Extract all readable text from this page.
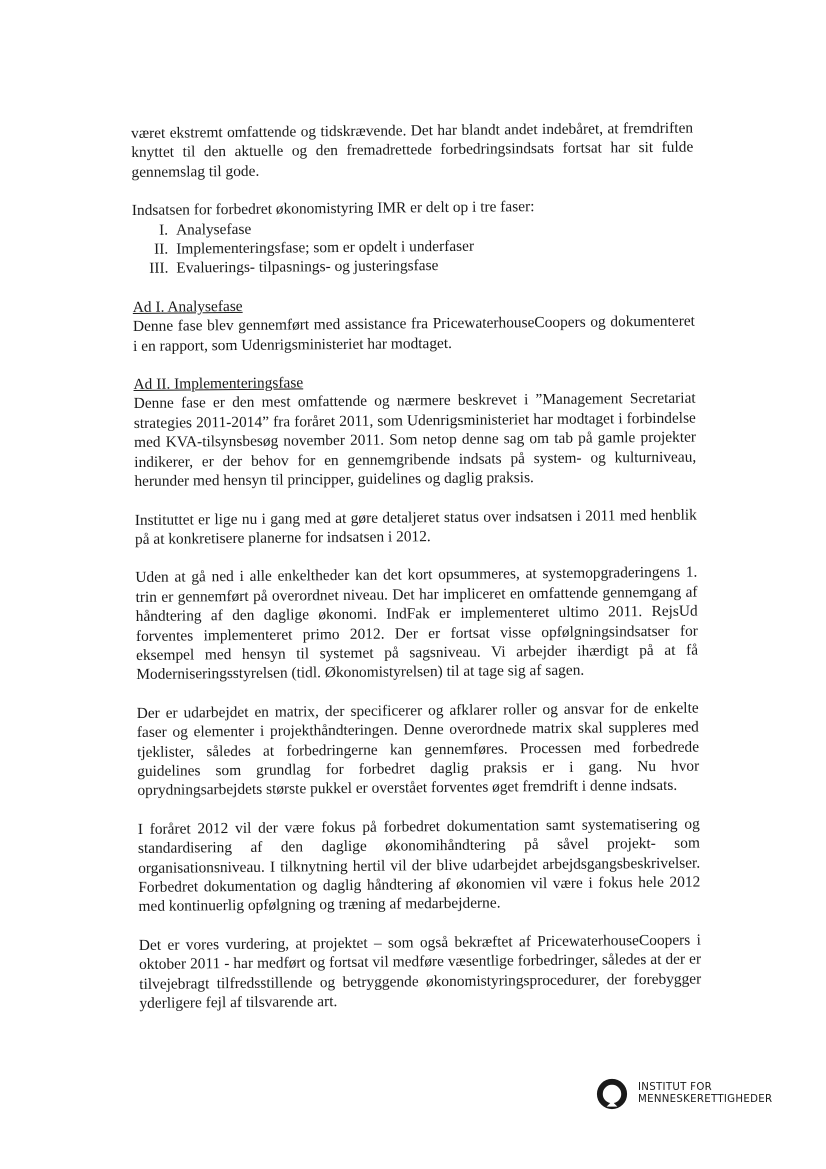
været ekstremt omfattende og tidskrævende. Det har blandt andet indebåret, at fremdriften knyttet til den aktuelle og den fremadrettede forbedringsindsats fortsat har sit fulde gennemslag til gode.

Indsatsen for forbedret økonomistyring IMR er delt op i tre faser:

I. Analysefase
II. Implementeringsfase; som er opdelt i underfaser
III. Evaluerings- tilpasnings- og justeringsfase

Ad I. Analysefase

Denne fase blev gennemført med assistance fra PricewaterhouseCoopers og dokumenteret i en rapport, som Udenrigsministeriet har modtaget.

Ad II. Implementeringsfase

Denne fase er den mest omfattende og nærmere beskrevet i ”Management Secretariat strategies 2011-2014” fra foråret 2011, som Udenrigsministeriet har modtaget i forbindelse med KVA-tilsynsbesøg november 2011. Som netop denne sag om tab på gamle projekter indikerer, er der behov for en gennemgribende indsats på system- og kulturniveau, herunder med hensyn til principper, guidelines og daglig praksis.

Instituttet er lige nu i gang med at gøre detaljeret status over indsatsen i 2011 med henblik på at konkretisere planerne for indsatsen i 2012.

Uden at gå ned i alle enkeltheder kan det kort opsummeres, at systemopgraderingens 1. trin er gennemført på overordnet niveau. Det har impliceret en omfattende gennemgang af håndtering af den daglige økonomi. IndFak er implementeret ultimo 2011. RejsUd forventes implementeret primo 2012. Der er fortsat visse opfølgningsindsatser for eksempel med hensyn til systemet på sagsniveau. Vi arbejder ihærdigt på at få Moderniseringsstyrelsen (tidl. Økonomistyrelsen) til at tage sig af sagen.

Der er udarbejdet en matrix, der specificerer og afklarer roller og ansvar for de enkelte faser og elementer i projekthåndteringen. Denne overordnede matrix skal suppleres med tjeklister, således at forbedringerne kan gennemføres. Processen med forbedrede guidelines som grundlag for forbedret daglig praksis er i gang. Nu hvor oprydningsarbejdets største pukkel er overstået forventes øget fremdrift i denne indsats.

I foråret 2012 vil der være fokus på forbedret dokumentation samt systematisering og standardisering af den daglige økonomihåndtering på såvel projekt- som organisationsniveau. I tilknytning hertil vil der blive udarbejdet arbejdsgangsbeskrivelser. Forbedret dokumentation og daglig håndtering af økonomien vil være i fokus hele 2012 med kontinuerlig opfølgning og træning af medarbejderne.

Det er vores vurdering, at projektet – som også bekræftet af PricewaterhouseCoopers i oktober 2011 - har medført og fortsat vil medføre væsentlige forbedringer, således at der er tilvejebragt tilfredsstillende og betryggende økonomistyringsprocedurer, der forebygger yderligere fejl af tilsvarende art.

INSTITUT FOR
MENNESKERETTIGHEDER
